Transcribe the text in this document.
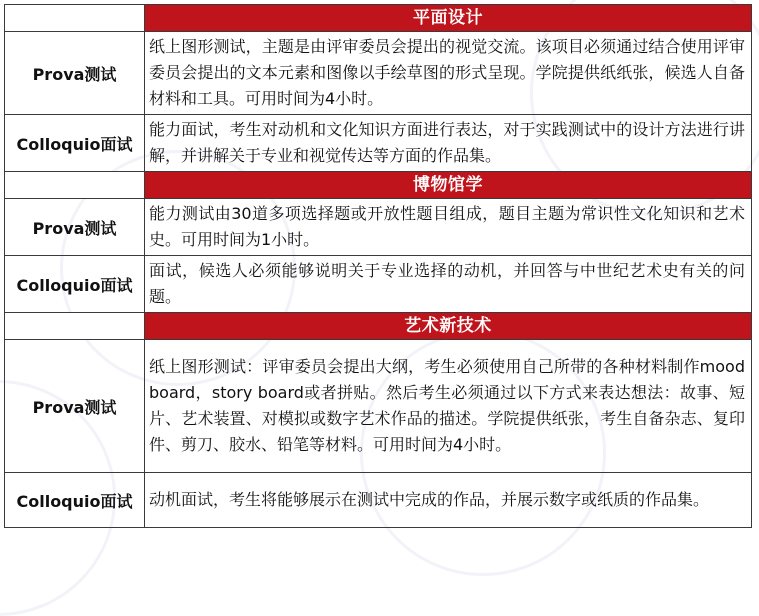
	平面设计
Prova测试	纸上图形测试，主题是由评审委员会提出的视觉交流。该项目必须通过结合使用评审委员会提出的文本元素和图像以手绘草图的形式呈现。学院提供纸纸张，候选人自备材料和工具。可用时间为4小时。
Colloquio面试	能力面试，考生对动机和文化知识方面进行表达，对于实践测试中的设计方法进行讲解，并讲解关于专业和视觉传达等方面的作品集。
	博物馆学
Prova测试	能力测试由30道多项选择题或开放性题目组成，题目主题为常识性文化知识和艺术史。可用时间为1小时。
Colloquio面试	面试，候选人必须能够说明关于专业选择的动机，并回答与中世纪艺术史有关的问题。
	艺术新技术
Prova测试	纸上图形测试：评审委员会提出大纲，考生必须使用自己所带的各种材料制作mood board，story board或者拼贴。然后考生必须通过以下方式来表达想法：故事、短片、艺术装置、对模拟或数字艺术作品的描述。学院提供纸张，考生自备杂志、复印件、剪刀、胶水、铅笔等材料。可用时间为4小时。
Colloquio面试	动机面试，考生将能够展示在测试中完成的作品，并展示数字或纸质的作品集。
